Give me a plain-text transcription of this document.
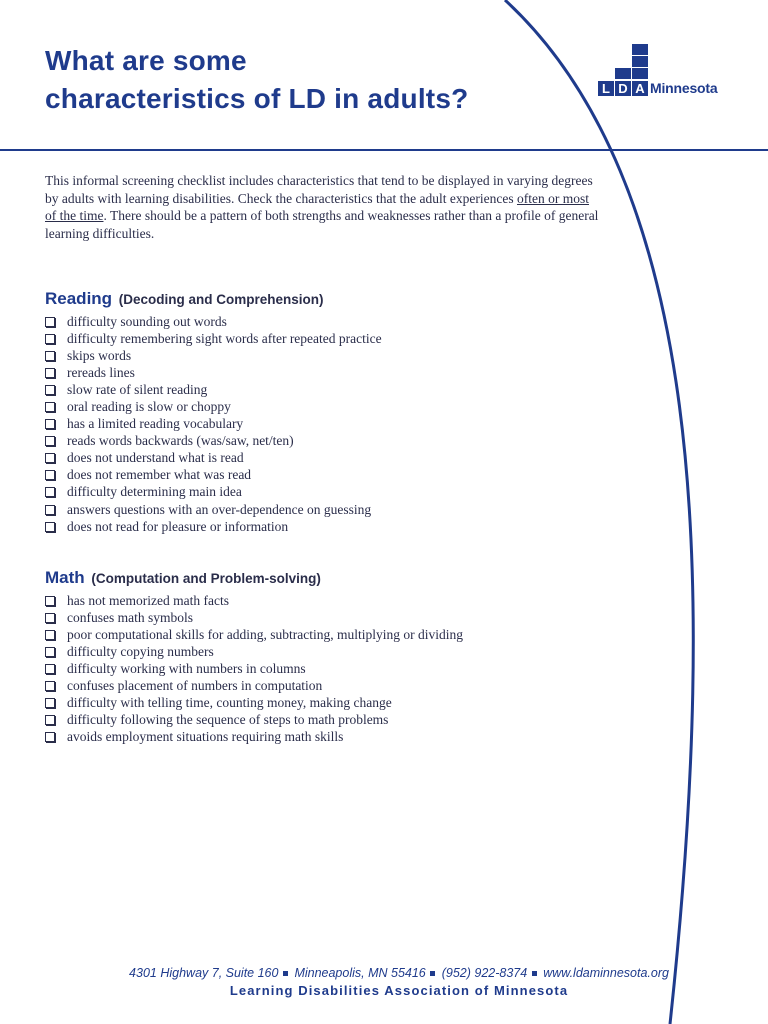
What are some
characteristics of LD in adults?	L D A Minnesota

This informal screening checklist includes characteristics that tend to be displayed in varying degrees by adults with learning disabilities. Check the characteristics that the adult experiences often or most of the time. There should be a pattern of both strengths and weaknesses rather than a profile of general learning difficulties.

Reading (Decoding and Comprehension)
difficulty sounding out words
difficulty remembering sight words after repeated practice
skips words
rereads lines
slow rate of silent reading
oral reading is slow or choppy
has a limited reading vocabulary
reads words backwards (was/saw, net/ten)
does not understand what is read
does not remember what was read
difficulty determining main idea
answers questions with an over-dependence on guessing
does not read for pleasure or information
Math (Computation and Problem-solving)
has not memorized math facts
confuses math symbols
poor computational skills for adding, subtracting, multiplying or dividing
difficulty copying numbers
difficulty working with numbers in columns
confuses placement of numbers in computation
difficulty with telling time, counting money, making change
difficulty following the sequence of steps to math problems
avoids employment situations requiring math skills
4301 Highway 7, Suite 160 Minneapolis, MN 55416 (952) 922-8374 www.ldaminnesota.org
Learning Disabilities Association of Minnesota
